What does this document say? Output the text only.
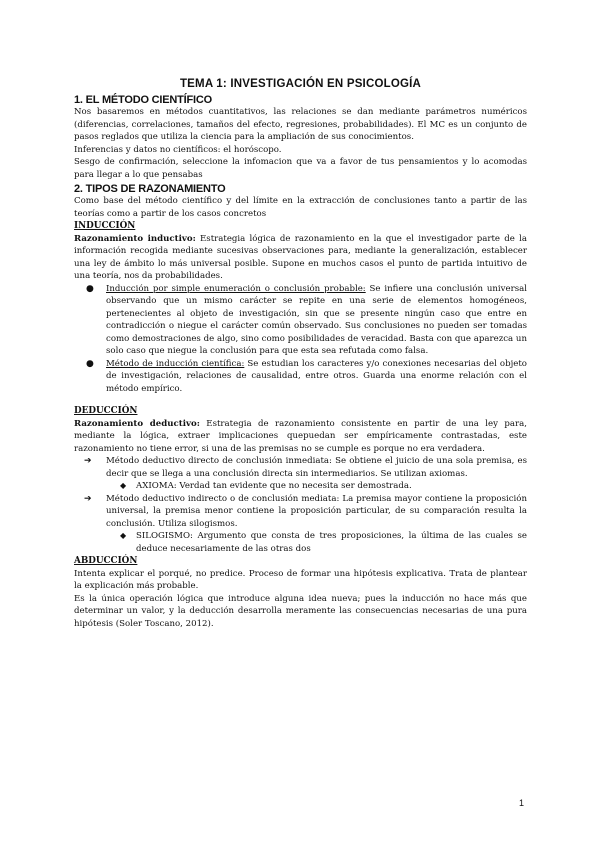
TEMA 1: INVESTIGACIÓN EN PSICOLOGÍA
1. EL MÉTODO CIENTÍFICO

Nos basaremos en métodos cuantitativos, las relaciones se dan mediante parámetros numéricos (diferencias, correlaciones, tamaños del efecto, regresiones, probabilidades). El MC es un conjunto de pasos reglados que utiliza la ciencia para la ampliación de sus conocimientos.

Inferencias y datos no científicos: el horóscopo.

Sesgo de confirmación, seleccione la infomacion que va a favor de tus pensamientos y lo acomodas para llegar a lo que pensabas

2. TIPOS DE RAZONAMIENTO

Como base del método científico y del límite en la extracción de conclusiones tanto a partir de las teorías como a partir de los casos concretos

INDUCCIÓN

Razonamiento inductivo: Estrategia lógica de razonamiento en la que el investigador parte de la información recogida mediante sucesivas observaciones para, mediante la generalización, establecer una ley de ámbito lo más universal posible. Supone en muchos casos el punto de partida intuitivo de una teoría, nos da probabilidades.

● Inducción por simple enumeración o conclusión probable: Se infiere una conclusión universal observando que un mismo carácter se repite en una serie de elementos homogéneos, pertenecientes al objeto de investigación, sin que se presente ningún caso que entre en contradicción o niegue el carácter común observado. Sus conclusiones no pueden ser tomadas como demostraciones de algo, sino como posibilidades de veracidad. Basta con que aparezca un solo caso que niegue la conclusión para que esta sea refutada como falsa.
● Método de inducción científica: Se estudian los caracteres y/o conexiones necesarias del objeto de investigación, relaciones de causalidad, entre otros. Guarda una enorme relación con el método empírico.
DEDUCCIÓN

Razonamiento deductivo: Estrategia de razonamiento consistente en partir de una ley para, mediante la lógica, extraer implicaciones quepuedan ser empíricamente contrastadas, este razonamiento no tiene error, si una de las premisas no se cumple es porque no era verdadera.

➔ Método deductivo directo de conclusión inmediata: Se obtiene el juicio de una sola premisa, es decir que se llega a una conclusión directa sin intermediarios. Se utilizan axiomas.
◆ AXIOMA: Verdad tan evidente que no necesita ser demostrada.
➔ Método deductivo indirecto o de conclusión mediata: La premisa mayor contiene la proposición universal, la premisa menor contiene la proposición particular, de su comparación resulta la conclusión. Utiliza silogismos.
◆ SILOGISMO: Argumento que consta de tres proposiciones, la última de las cuales se deduce necesariamente de las otras dos
ABDUCCIÓN

Intenta explicar el porqué, no predice. Proceso de formar una hipótesis explicativa. Trata de plantear la explicación más probable.

Es la única operación lógica que introduce alguna idea nueva; pues la inducción no hace más que determinar un valor, y la deducción desarrolla meramente las consecuencias necesarias de una pura hipótesis (Soler Toscano, 2012).

1
